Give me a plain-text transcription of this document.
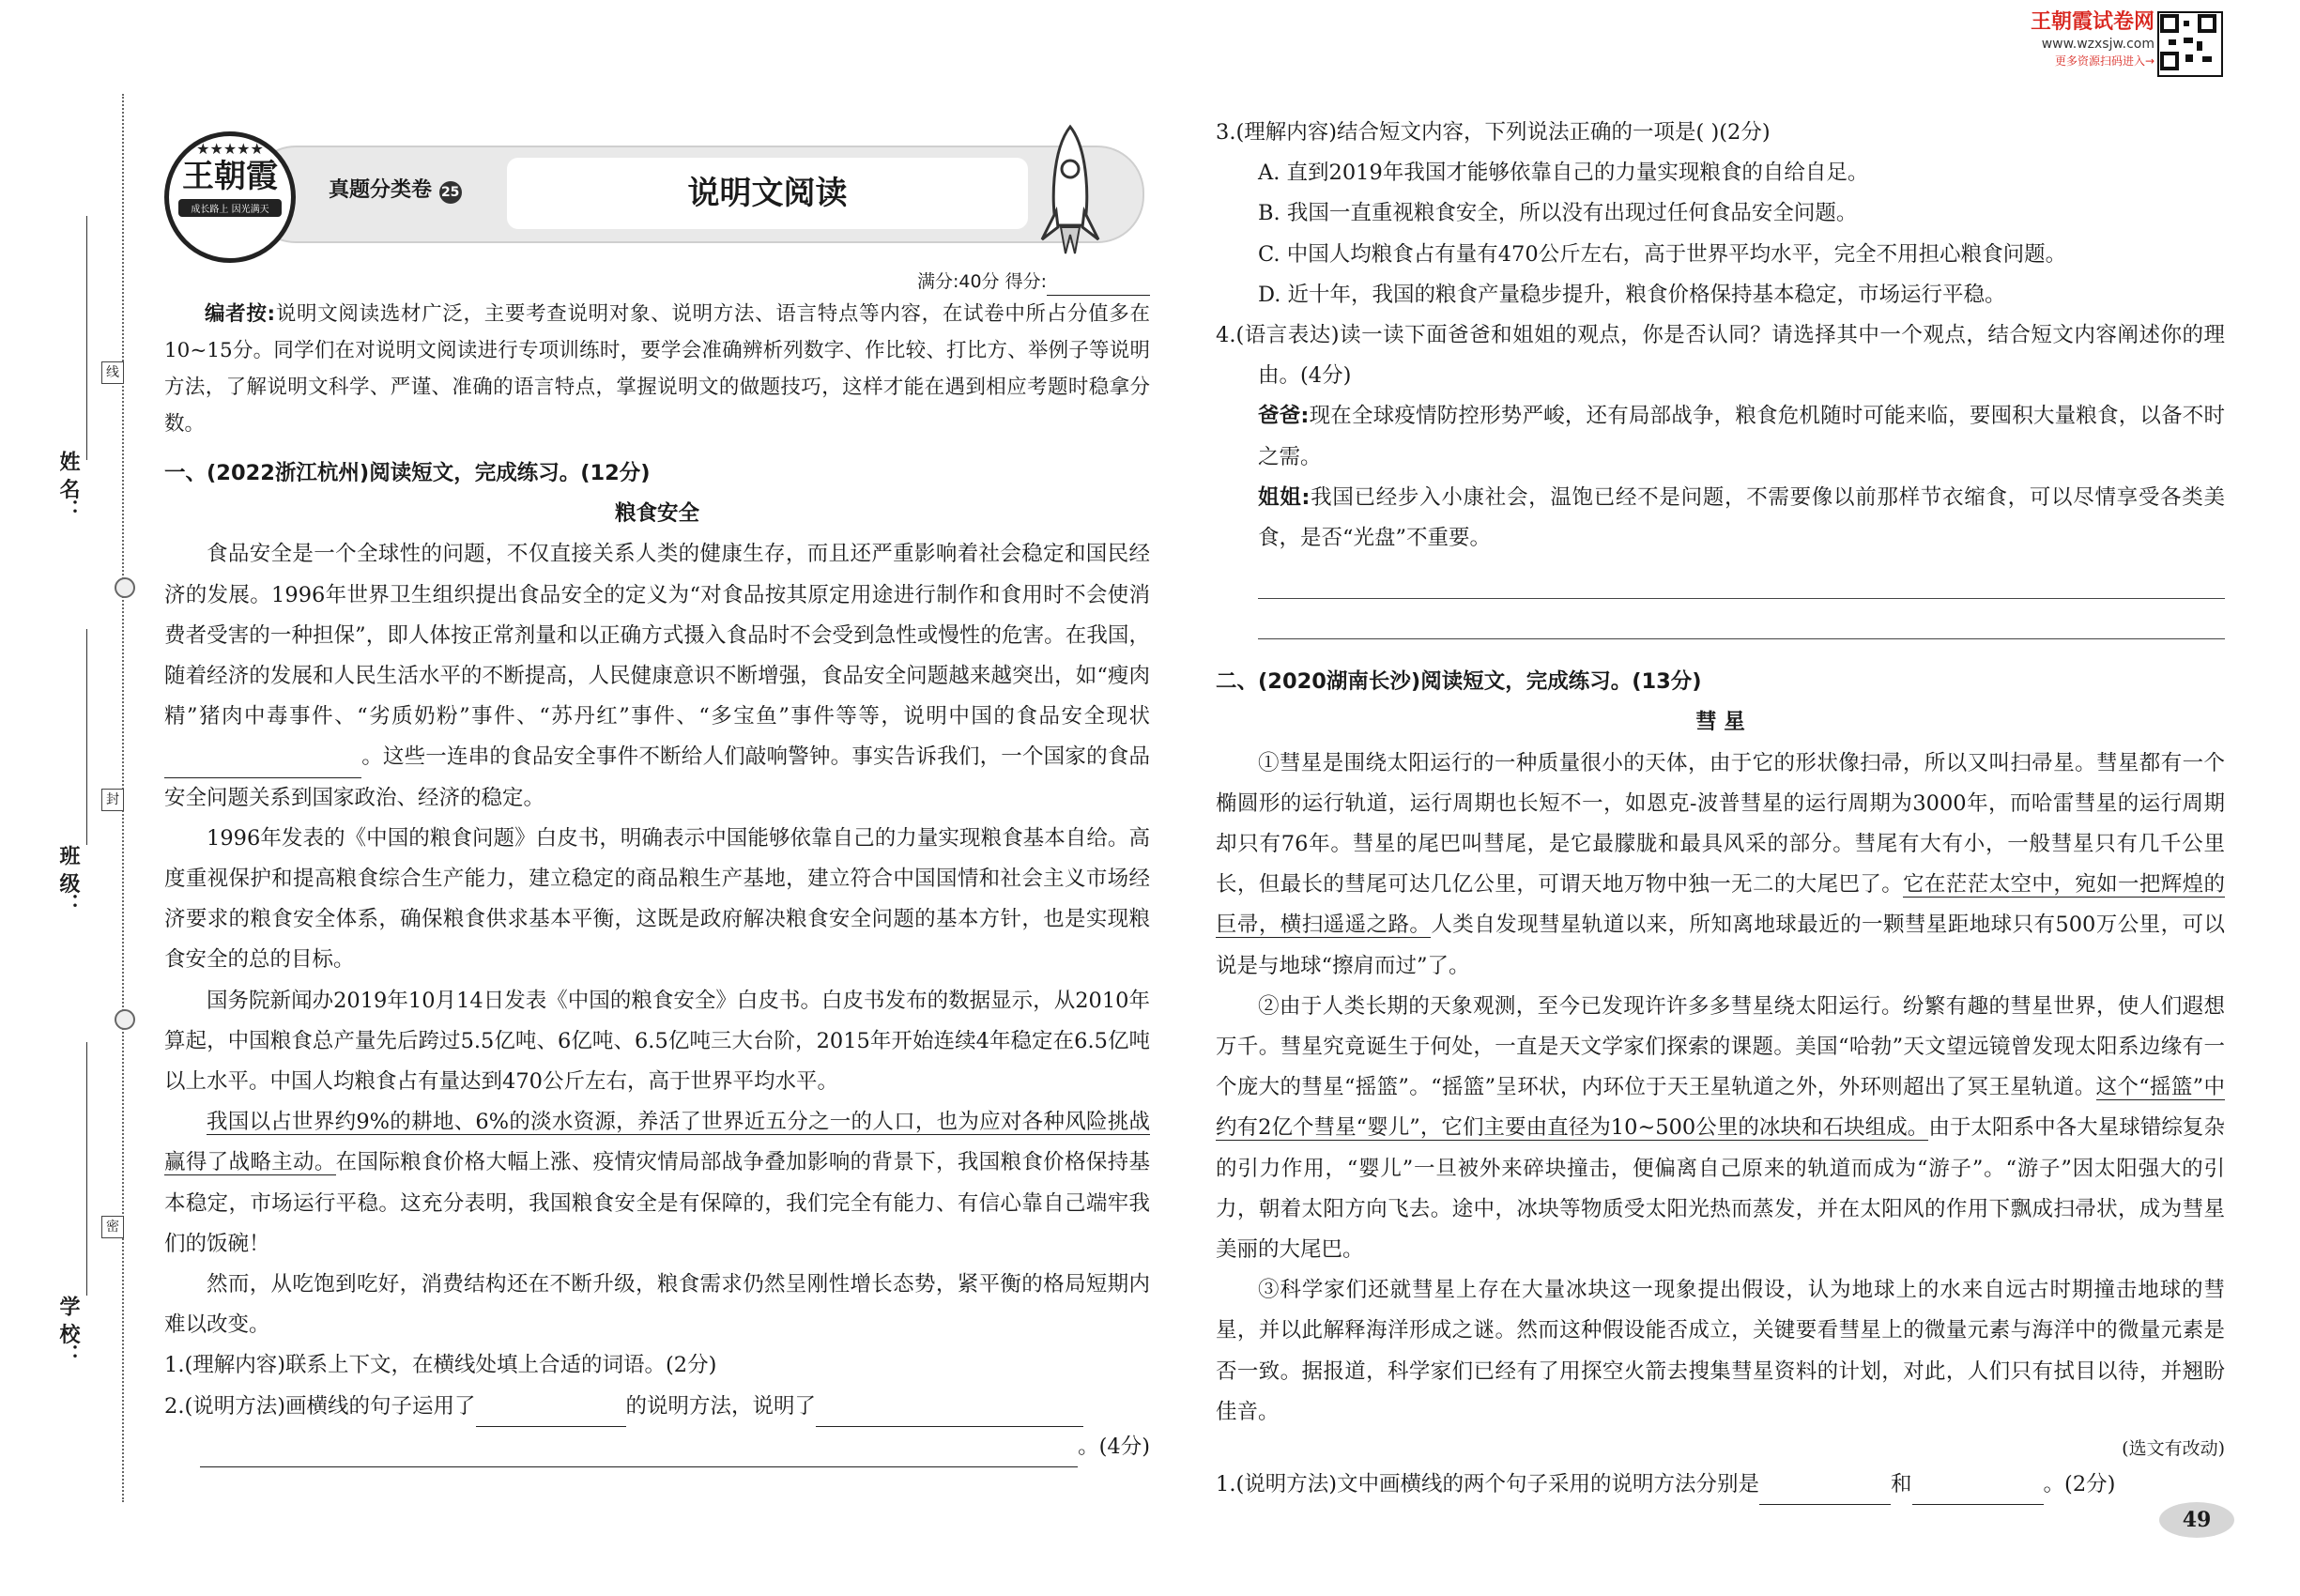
姓 名：
班 级：
学 校：
线
封
密
★★★★★
王朝霞
成长路上 因光满天
真题分类卷 25	说明文阅读
王朝霞试卷网
www.wzxsjw.com
更多资源扫码进入→
满分:40分 得分:

编者按:说明文阅读选材广泛，主要考查说明对象、说明方法、语言特点等内容，在试卷中所占分值多在10~15分。同学们在对说明文阅读进行专项训练时，要学会准确辨析列数字、作比较、打比方、举例子等说明方法，了解说明文科学、严谨、准确的语言特点，掌握说明文的做题技巧，这样才能在遇到相应考题时稳拿分数。

一、(2022浙江杭州)阅读短文，完成练习。(12分)

粮食安全

食品安全是一个全球性的问题，不仅直接关系人类的健康生存，而且还严重影响着社会稳定和国民经济的发展。1996年世界卫生组织提出食品安全的定义为“对食品按其原定用途进行制作和食用时不会使消费者受害的一种担保”，即人体按正常剂量和以正确方式摄入食品时不会受到急性或慢性的危害。在我国，随着经济的发展和人民生活水平的不断提高，人民健康意识不断增强，食品安全问题越来越突出，如“瘦肉精”猪肉中毒事件、“劣质奶粉”事件、“苏丹红”事件、“多宝鱼”事件等等，说明中国的食品安全现状。这些一连串的食品安全事件不断给人们敲响警钟。事实告诉我们，一个国家的食品安全问题关系到国家政治、经济的稳定。

1996年发表的《中国的粮食问题》白皮书，明确表示中国能够依靠自己的力量实现粮食基本自给。高度重视保护和提高粮食综合生产能力，建立稳定的商品粮生产基地，建立符合中国国情和社会主义市场经济要求的粮食安全体系，确保粮食供求基本平衡，这既是政府解决粮食安全问题的基本方针，也是实现粮食安全的总的目标。

国务院新闻办2019年10月14日发表《中国的粮食安全》白皮书。白皮书发布的数据显示，从2010年算起，中国粮食总产量先后跨过5.5亿吨、6亿吨、6.5亿吨三大台阶，2015年开始连续4年稳定在6.5亿吨以上水平。中国人均粮食占有量达到470公斤左右，高于世界平均水平。

我国以占世界约9%的耕地、6%的淡水资源，养活了世界近五分之一的人口，也为应对各种风险挑战赢得了战略主动。在国际粮食价格大幅上涨、疫情灾情局部战争叠加影响的背景下，我国粮食价格保持基本稳定，市场运行平稳。这充分表明，我国粮食安全是有保障的，我们完全有能力、有信心靠自己端牢我们的饭碗！

然而，从吃饱到吃好，消费结构还在不断升级，粮食需求仍然呈刚性增长态势，紧平衡的格局短期内难以改变。

1.(理解内容)联系上下文，在横线处填上合适的词语。(2分)

2.(说明方法)画横线的句子运用了	的说明方法，说明了

。(4分)

3.(理解内容)结合短文内容，下列说法正确的一项是( )(2分)

A. 直到2019年我国才能够依靠自己的力量实现粮食的自给自足。

B. 我国一直重视粮食安全，所以没有出现过任何食品安全问题。

C. 中国人均粮食占有量有470公斤左右，高于世界平均水平，完全不用担心粮食问题。

D. 近十年，我国的粮食产量稳步提升，粮食价格保持基本稳定，市场运行平稳。

4.(语言表达)读一读下面爸爸和姐姐的观点，你是否认同？请选择其中一个观点，结合短文内容阐述你的理由。(4分)

爸爸:现在全球疫情防控形势严峻，还有局部战争，粮食危机随时可能来临，要囤积大量粮食，以备不时之需。

姐姐:我国已经步入小康社会，温饱已经不是问题，不需要像以前那样节衣缩食，可以尽情享受各类美食，是否“光盘”不重要。

二、(2020湖南长沙)阅读短文，完成练习。(13分)

彗 星

①彗星是围绕太阳运行的一种质量很小的天体，由于它的形状像扫帚，所以又叫扫帚星。彗星都有一个椭圆形的运行轨道，运行周期也长短不一，如恩克-波普彗星的运行周期为3000年，而哈雷彗星的运行周期却只有76年。彗星的尾巴叫彗尾，是它最朦胧和最具风采的部分。彗尾有大有小，一般彗星只有几千公里长，但最长的彗尾可达几亿公里，可谓天地万物中独一无二的大尾巴了。它在茫茫太空中，宛如一把辉煌的巨帚，横扫遥遥之路。人类自发现彗星轨道以来，所知离地球最近的一颗彗星距地球只有500万公里，可以说是与地球“擦肩而过”了。

②由于人类长期的天象观测，至今已发现许许多多彗星绕太阳运行。纷繁有趣的彗星世界，使人们遐想万千。彗星究竟诞生于何处，一直是天文学家们探索的课题。美国“哈勃”天文望远镜曾发现太阳系边缘有一个庞大的彗星“摇篮”。“摇篮”呈环状，内环位于天王星轨道之外，外环则超出了冥王星轨道。这个“摇篮”中约有2亿个彗星“婴儿”，它们主要由直径为10~500公里的冰块和石块组成。由于太阳系中各大星球错综复杂的引力作用，“婴儿”一旦被外来碎块撞击，便偏离自己原来的轨道而成为“游子”。“游子”因太阳强大的引力，朝着太阳方向飞去。途中，冰块等物质受太阳光热而蒸发，并在太阳风的作用下飘成扫帚状，成为彗星美丽的大尾巴。

③科学家们还就彗星上存在大量冰块这一现象提出假设，认为地球上的水来自远古时期撞击地球的彗星，并以此解释海洋形成之谜。然而这种假设能否成立，关键要看彗星上的微量元素与海洋中的微量元素是否一致。据报道，科学家们已经有了用探空火箭去搜集彗星资料的计划，对此，人们只有拭目以待，并翘盼佳音。

(选文有改动)

1.(说明方法)文中画横线的两个句子采用的说明方法分别是	和	。(2分)

49
